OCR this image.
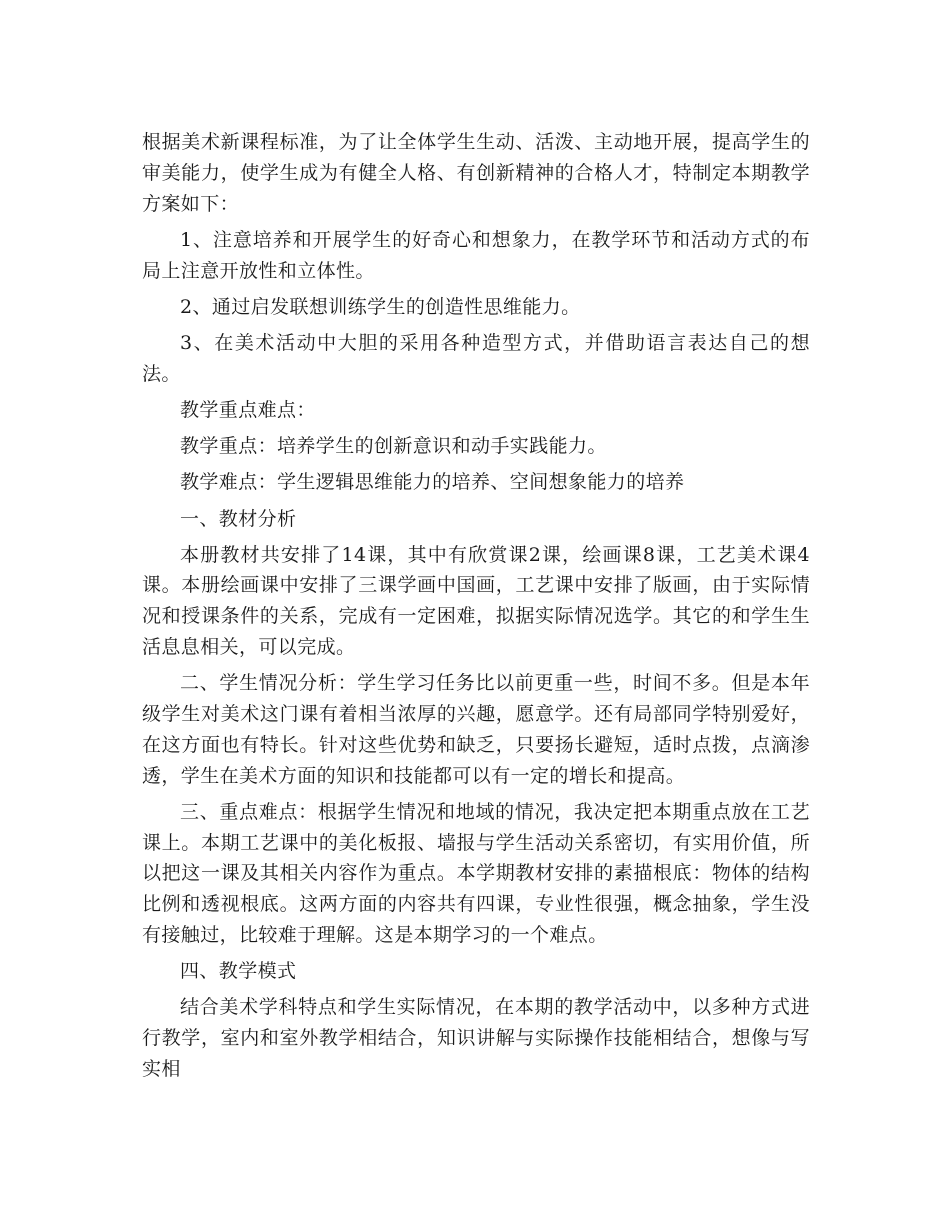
根据美术新课程标准，为了让全体学生生动、活泼、主动地开展，提高学生的审美能力，使学生成为有健全人格、有创新精神的合格人才，特制定本期教学方案如下：

1、注意培养和开展学生的好奇心和想象力，在教学环节和活动方式的布局上注意开放性和立体性。

2、通过启发联想训练学生的创造性思维能力。

3、在美术活动中大胆的采用各种造型方式，并借助语言表达自己的想法。

教学重点难点：

教学重点：培养学生的创新意识和动手实践能力。

教学难点：学生逻辑思维能力的培养、空间想象能力的培养

一、教材分析

本册教材共安排了14课，其中有欣赏课2课，绘画课8课，工艺美术课4课。本册绘画课中安排了三课学画中国画，工艺课中安排了版画，由于实际情况和授课条件的关系，完成有一定困难，拟据实际情况选学。其它的和学生生活息息相关，可以完成。

二、学生情况分析：学生学习任务比以前更重一些，时间不多。但是本年级学生对美术这门课有着相当浓厚的兴趣，愿意学。还有局部同学特别爱好，在这方面也有特长。针对这些优势和缺乏，只要扬长避短，适时点拨，点滴渗透，学生在美术方面的知识和技能都可以有一定的增长和提高。

三、重点难点：根据学生情况和地域的情况，我决定把本期重点放在工艺课上。本期工艺课中的美化板报、墙报与学生活动关系密切，有实用价值，所以把这一课及其相关内容作为重点。本学期教材安排的素描根底：物体的结构比例和透视根底。这两方面的内容共有四课，专业性很强，概念抽象，学生没有接触过，比较难于理解。这是本期学习的一个难点。

四、教学模式

结合美术学科特点和学生实际情况，在本期的教学活动中，以多种方式进行教学，室内和室外教学相结合，知识讲解与实际操作技能相结合，想像与写实相
